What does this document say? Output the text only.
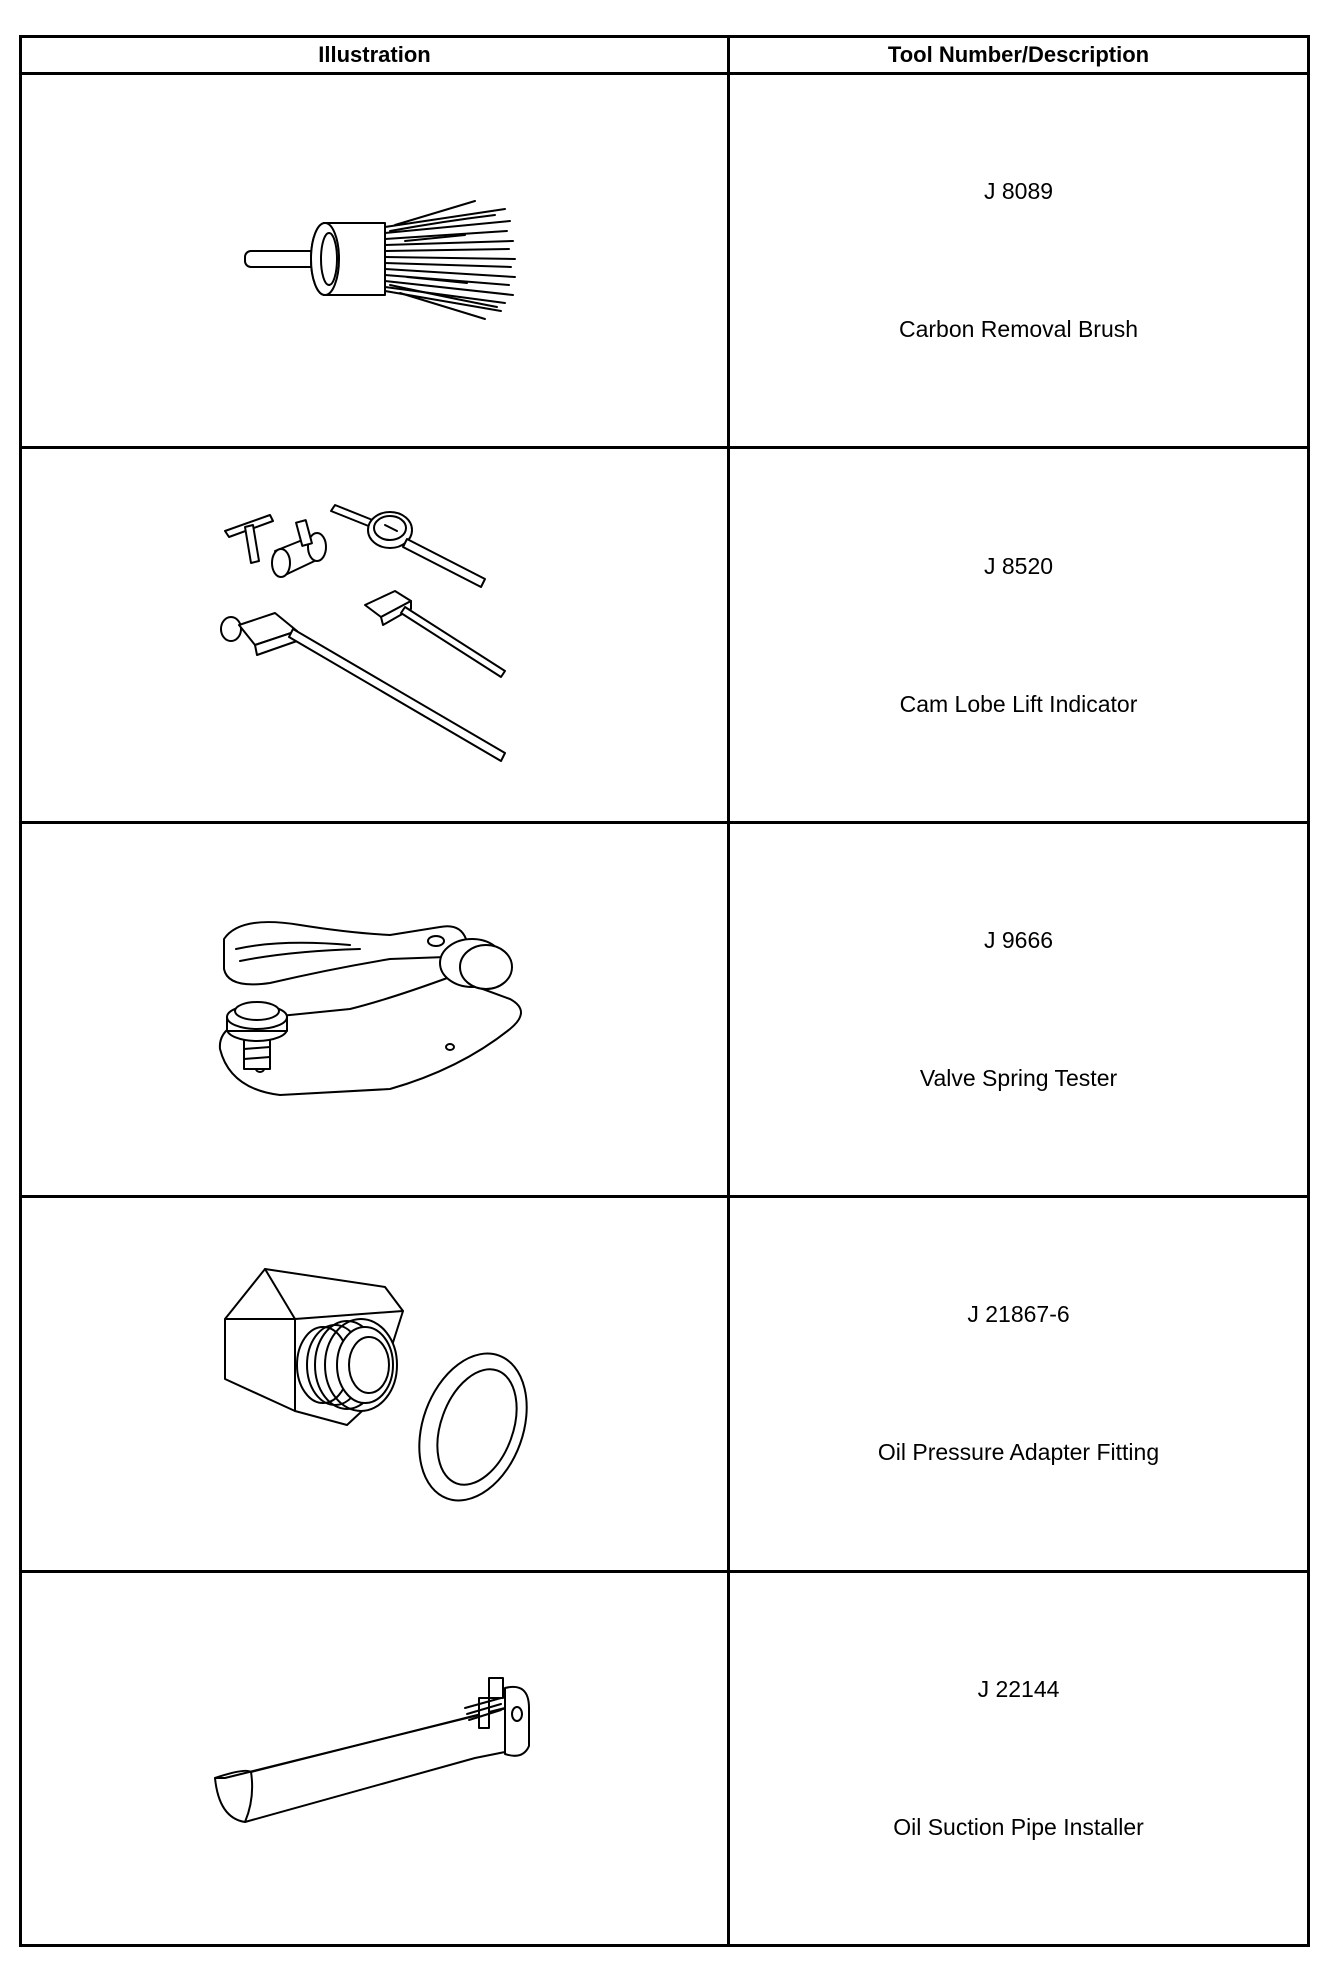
Illustration	Tool Number/Description

J 8089
Carbon Removal Brush

J 8520
Cam Lobe Lift Indicator

J 9666
Valve Spring Tester

J 21867-6
Oil Pressure Adapter Fitting

J 22144
Oil Suction Pipe Installer
